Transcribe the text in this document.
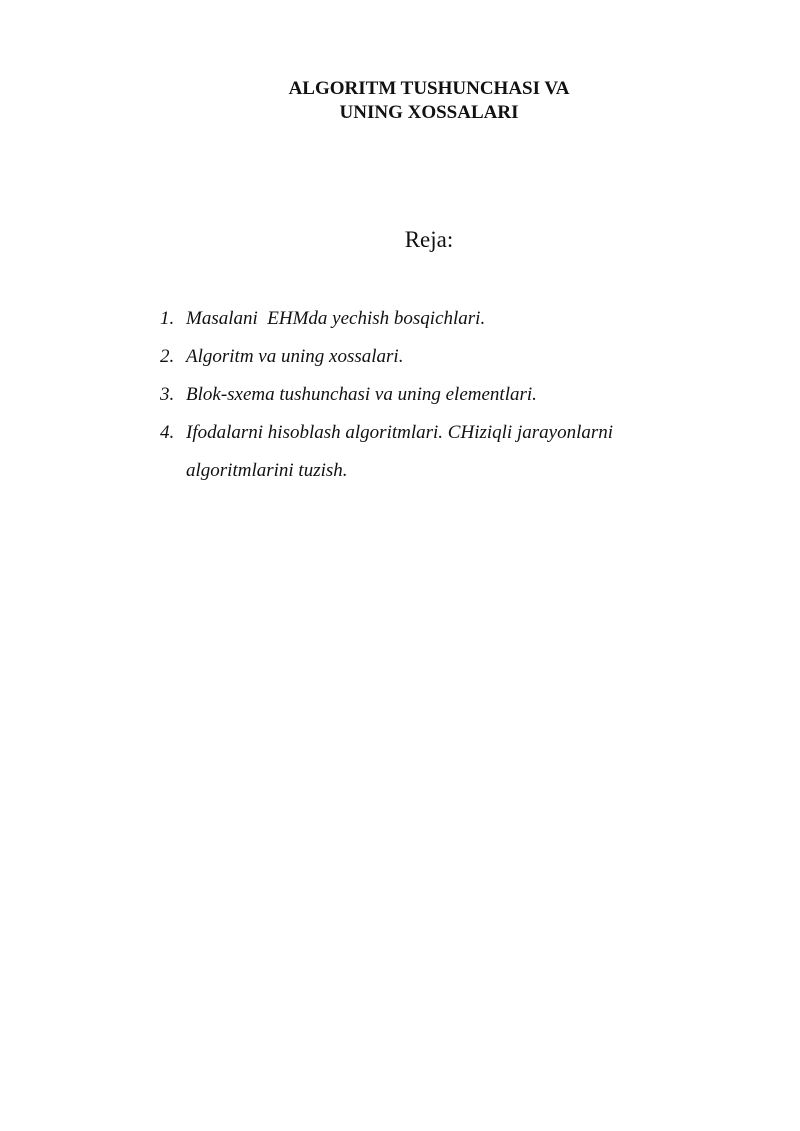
ALGORITM TUSHUNCHASI VA
UNING XOSSALARI
Reja:
1. Masalani  EHMda yechish bosqichlari.
2. Algoritm va uning xossalari.
3. Blok-sxema tushunchasi va uning elementlari.
4. Ifodalarni hisoblash algoritmlari. CHiziqli jarayonlarni algoritmlarini tuzish.
